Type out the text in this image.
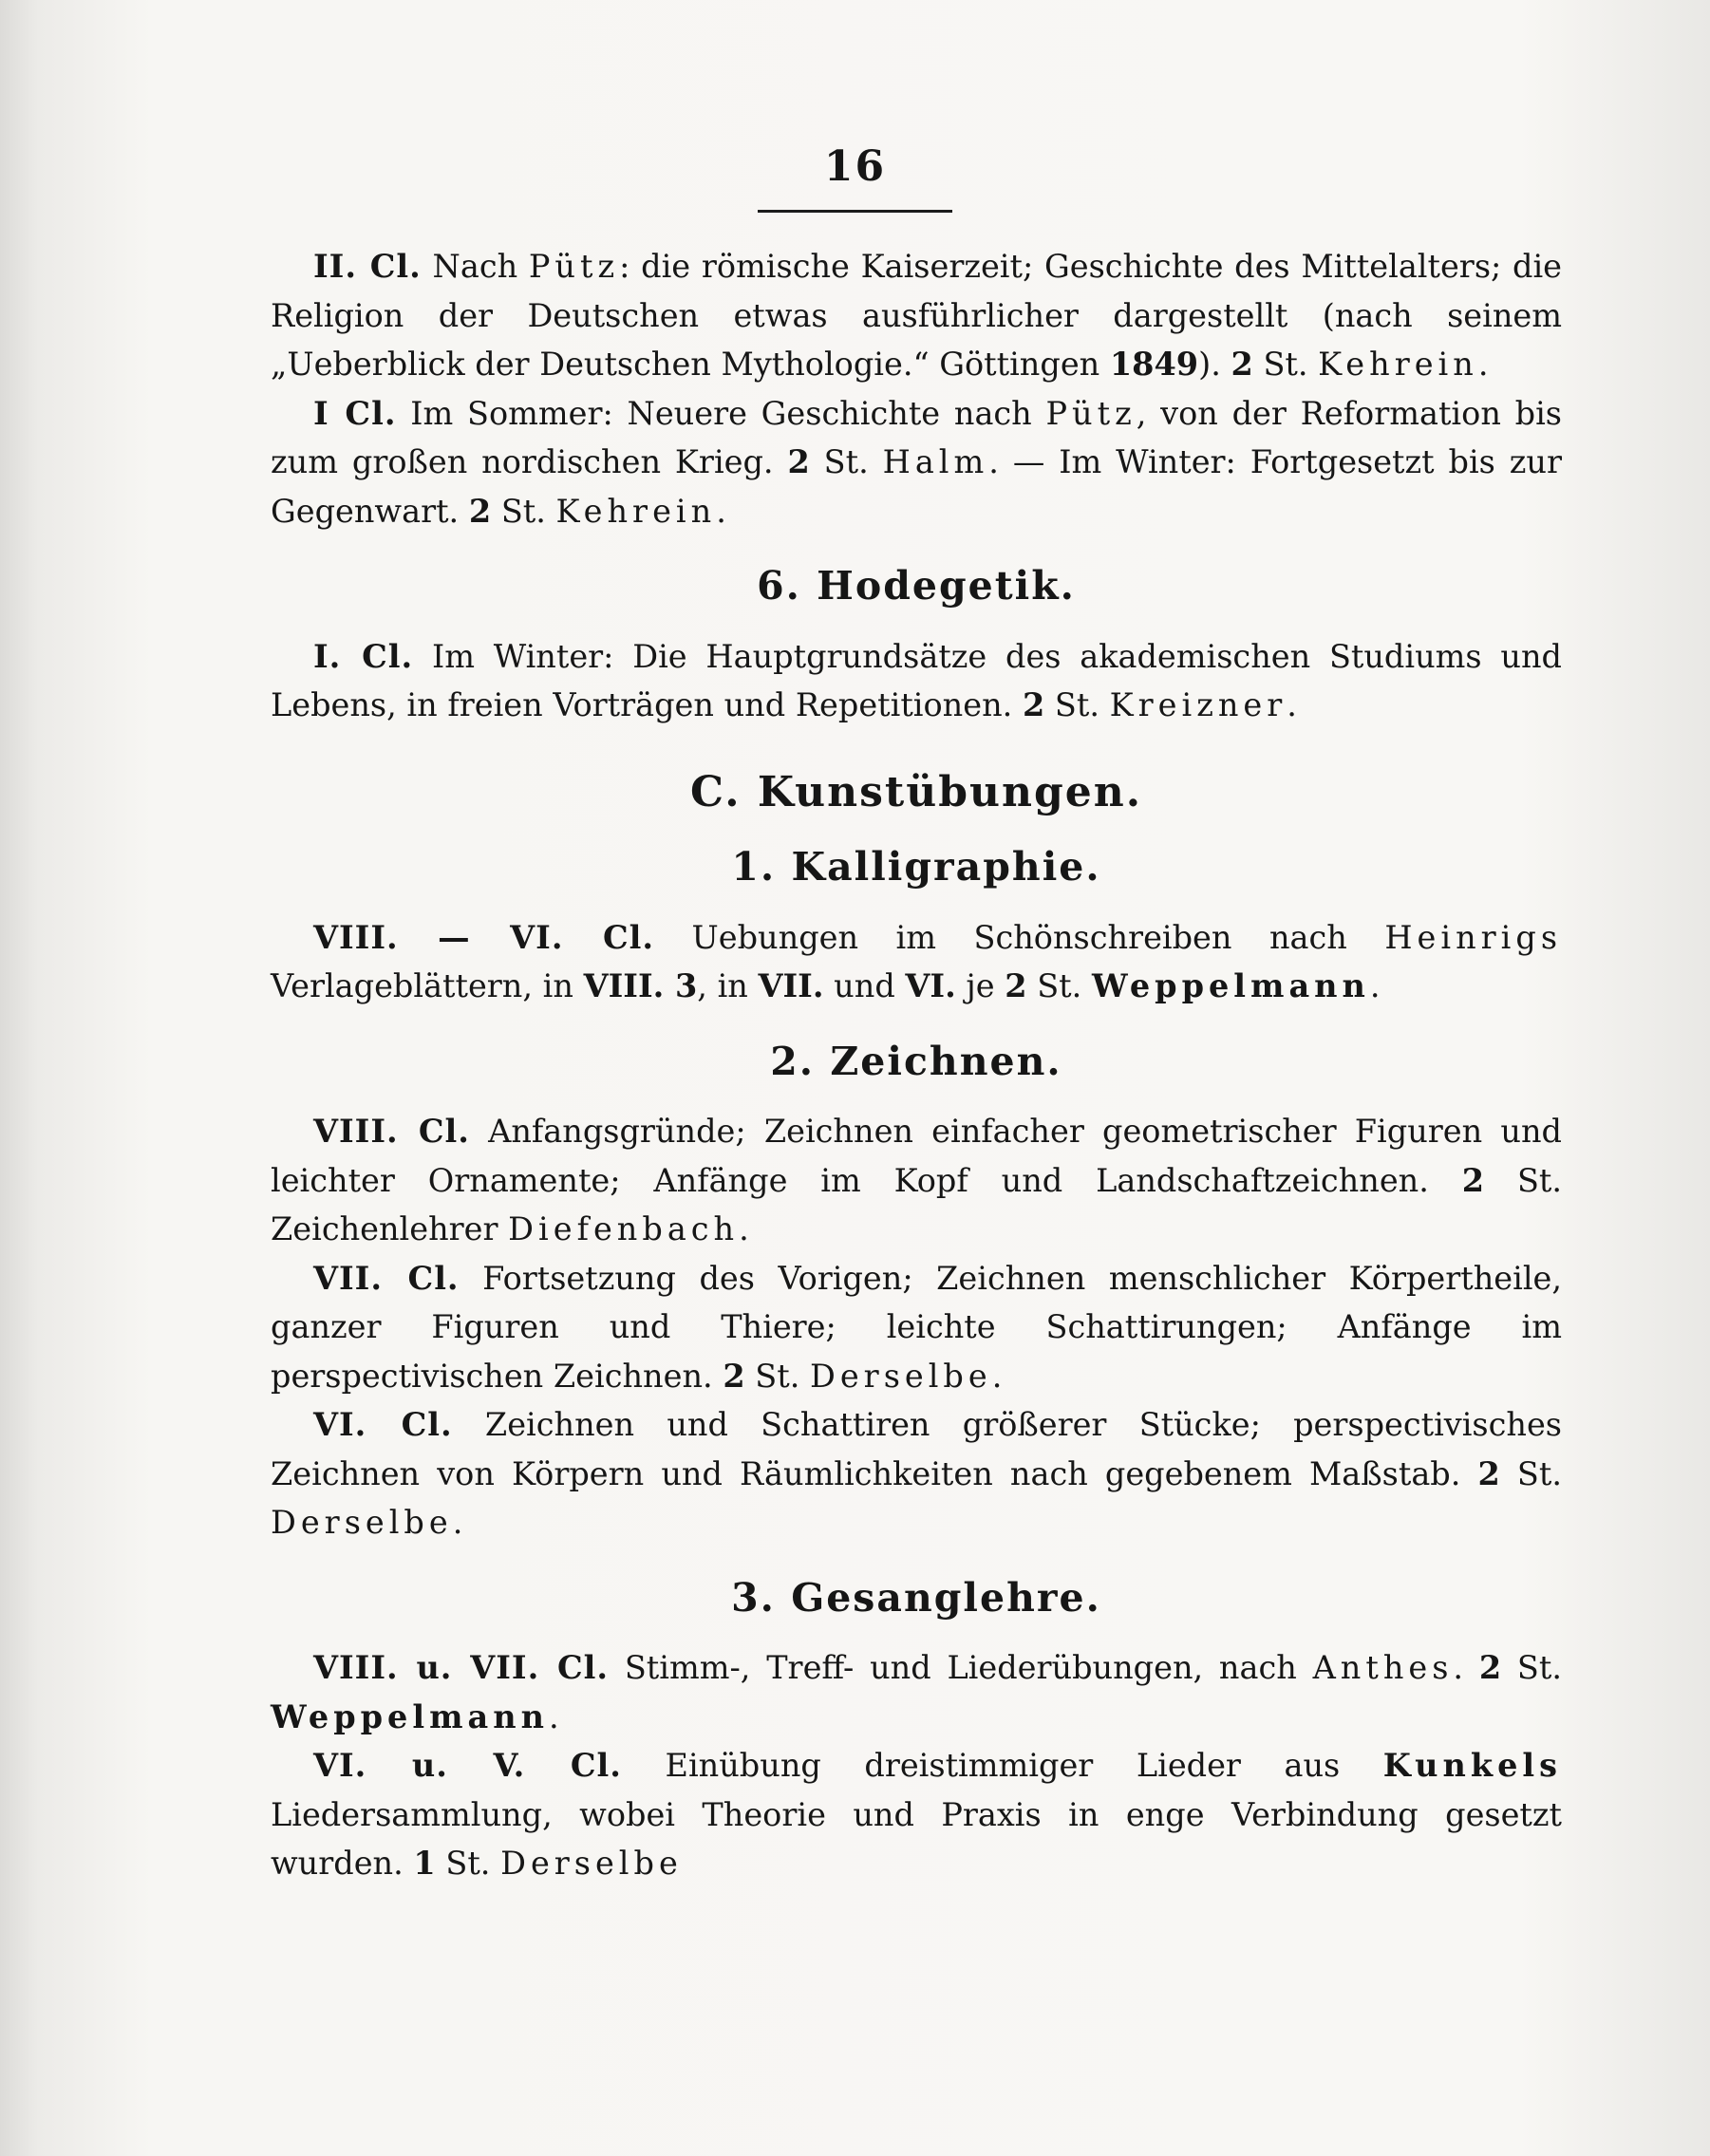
16

II. Cl. Nach Pütz: die römische Kaiserzeit; Geschichte des Mittelalters; die Religion der Deutschen etwas ausführlicher dargestellt (nach seinem „Ueberblick der Deutschen Mythologie.“ Göttingen 1849). 2 St. Kehrein.

I Cl. Im Sommer: Neuere Geschichte nach Pütz, von der Reformation bis zum großen nordischen Krieg. 2 St. Halm. — Im Winter: Fortgesetzt bis zur Gegenwart. 2 St. Kehrein.

6. Hodegetik.

I. Cl. Im Winter: Die Hauptgrundsätze des akademischen Studiums und Lebens, in freien Vorträgen und Repetitionen. 2 St. Kreizner.

C. Kunstübungen.
1. Kalligraphie.

VIII. — VI. Cl. Uebungen im Schönschreiben nach Heinrigs Verlageblättern, in VIII. 3, in VII. und VI. je 2 St. Weppelmann.

2. Zeichnen.

VIII. Cl. Anfangsgründe; Zeichnen einfacher geometrischer Figuren und leichter Ornamente; Anfänge im Kopf und Landschaftzeichnen. 2 St. Zeichenlehrer Diefenbach.

VII. Cl. Fortsetzung des Vorigen; Zeichnen menschlicher Körpertheile, ganzer Figuren und Thiere; leichte Schattirungen; Anfänge im perspectivischen Zeichnen. 2 St. Derselbe.

VI. Cl. Zeichnen und Schattiren größerer Stücke; perspectivisches Zeichnen von Körpern und Räumlichkeiten nach gegebenem Maßstab. 2 St. Derselbe.

3. Gesanglehre.

VIII. u. VII. Cl. Stimm-, Treff- und Liederübungen, nach Anthes. 2 St. Weppelmann.

VI. u. V. Cl. Einübung dreistimmiger Lieder aus Kunkels Liedersammlung, wobei Theorie und Praxis in enge Verbindung gesetzt wurden. 1 St. Derselbe
